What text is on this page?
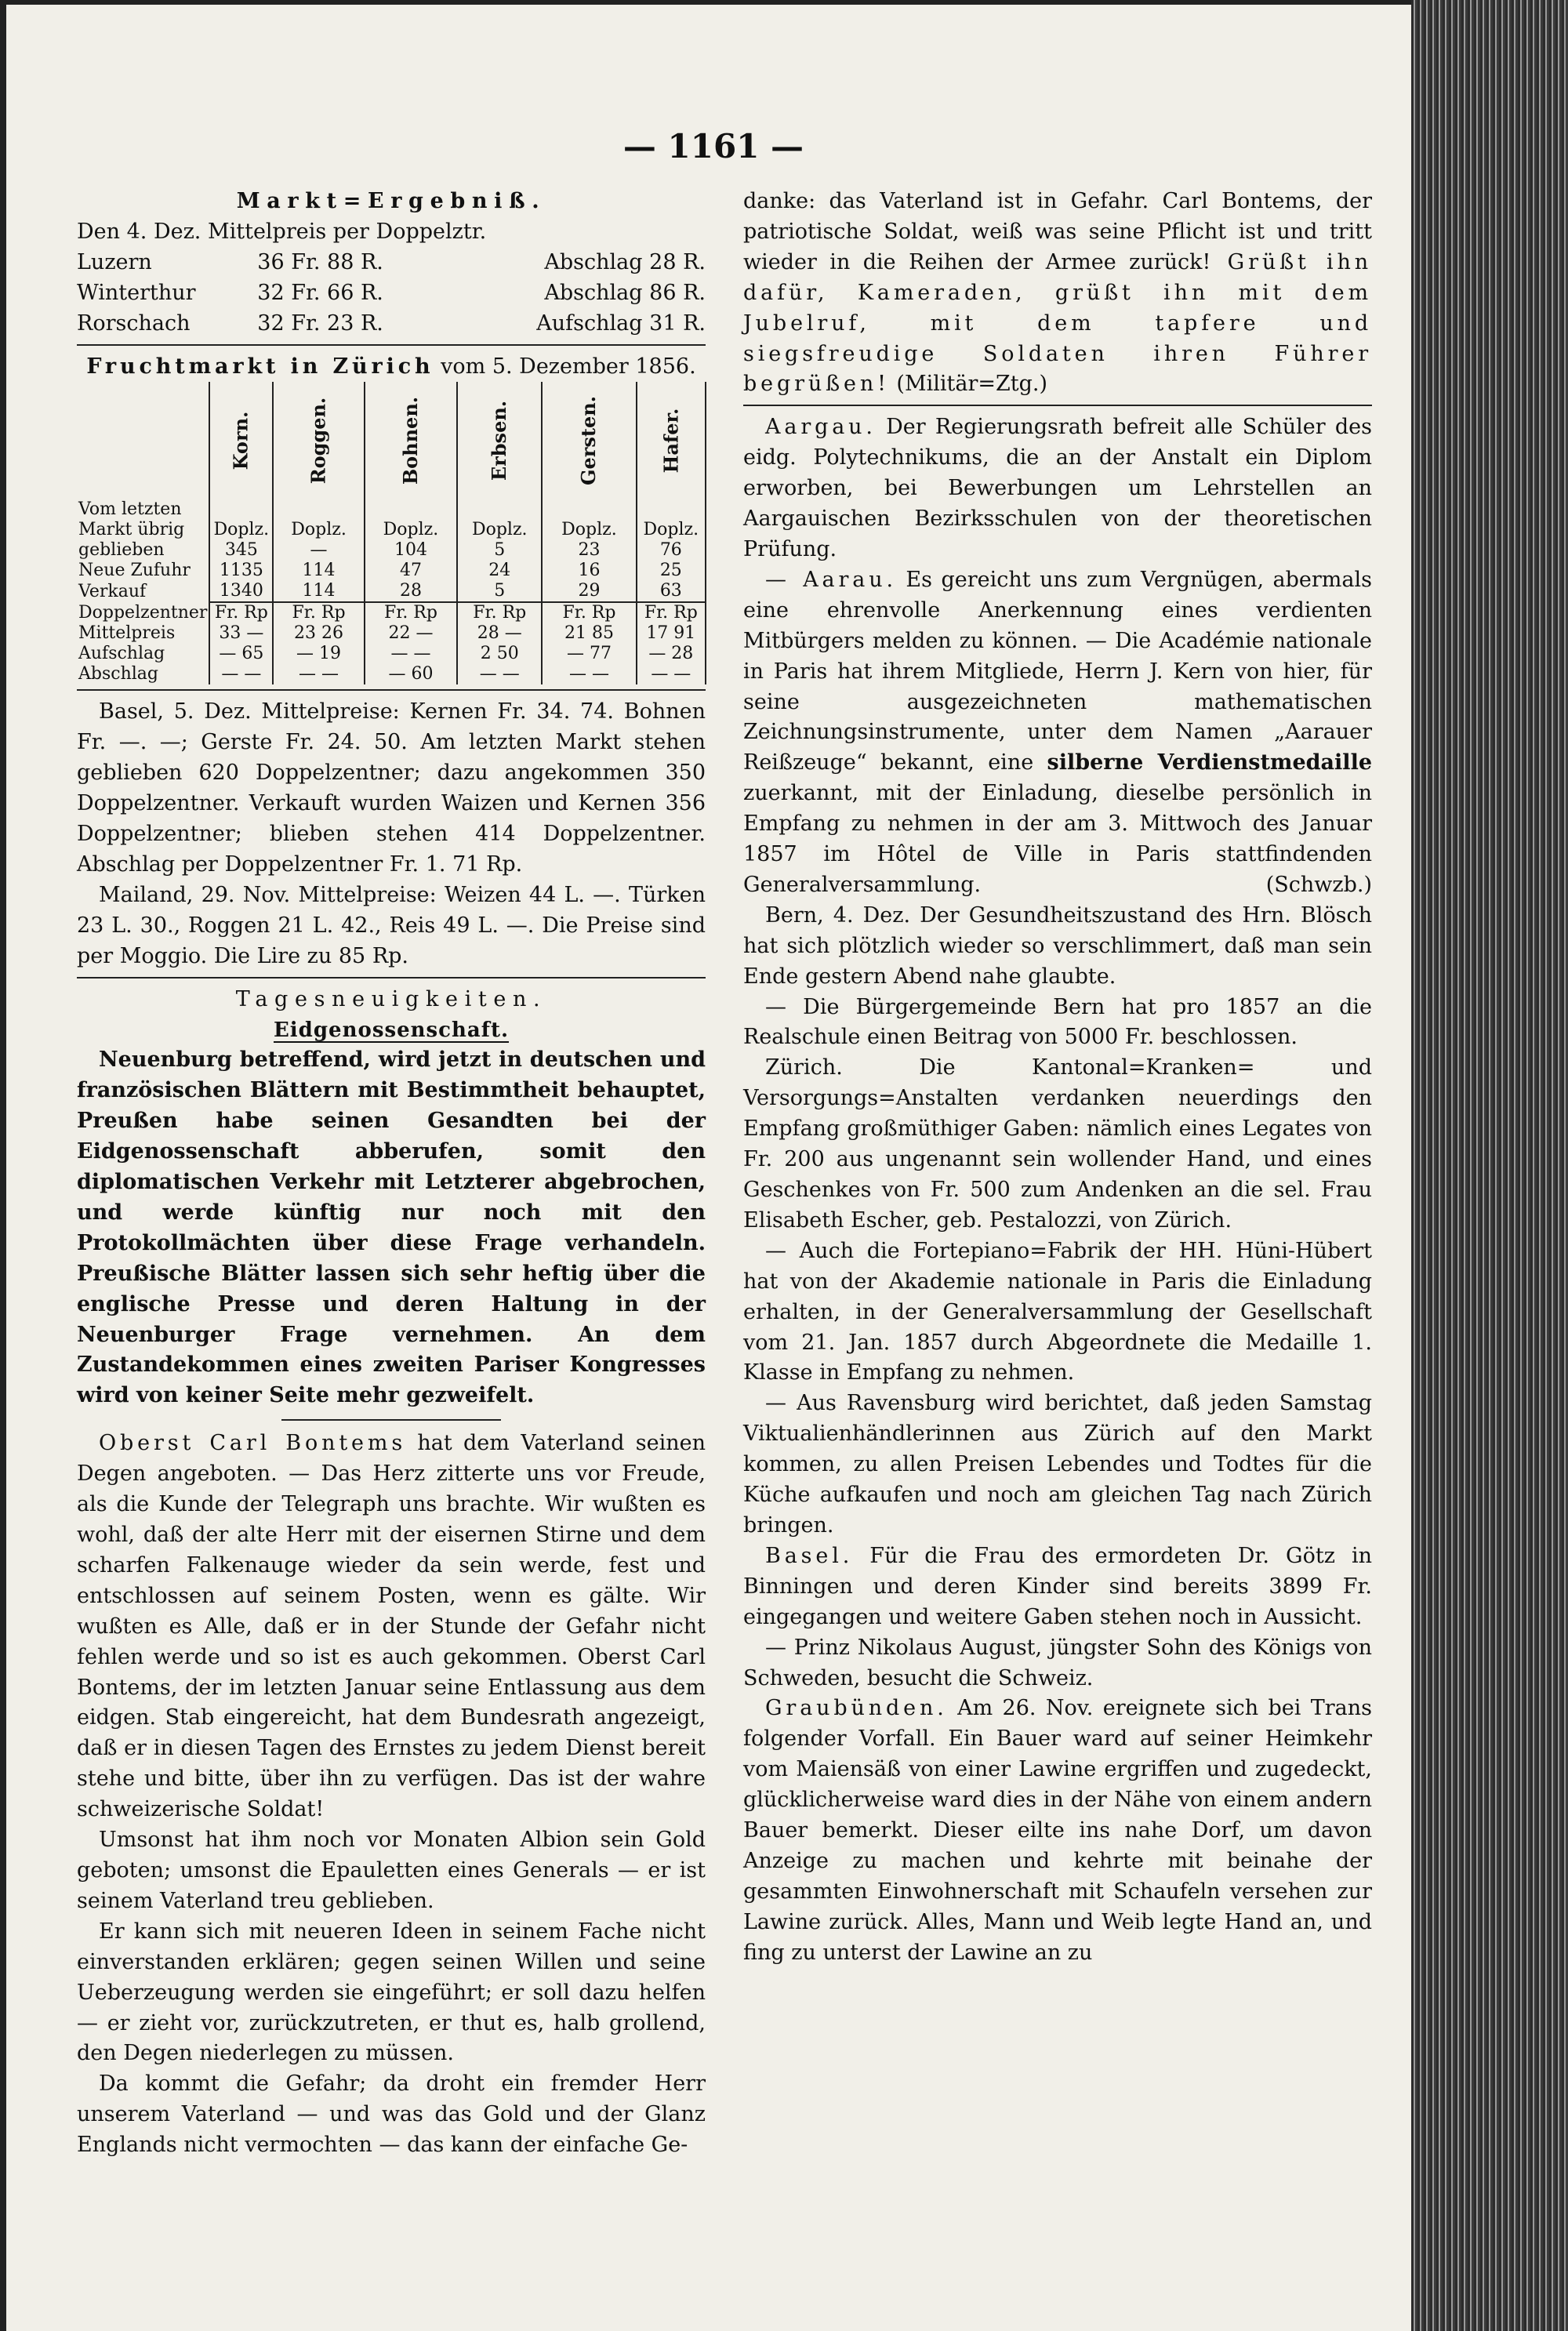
— 1161 —

Markt=Ergebniß.

Den 4. Dez. Mittelpreis per Doppelztr.

Luzern	36 Fr. 88 R.	Abschlag 28 R.
Winterthur	32 Fr. 66 R.	Abschlag 86 R.
Rorschach	32 Fr. 23 R.	Aufschlag 31 R.

Fruchtmarkt in Zürich vom 5. Dezember 1856.

	Korn.	Roggen.	Bohnen.	Erbsen.	Gersten.	Hafer.
Vom letzten						
Markt übrig	Doplz.	Doplz.	Doplz.	Doplz.	Doplz.	Doplz.
geblieben	345	—	104	5	23	76
Neue Zufuhr	1135	114	47	24	16	25
Verkauf	1340	114	28	5	29	63
Doppelzentner	Fr. Rp	Fr. Rp	Fr. Rp	Fr. Rp	Fr. Rp	Fr. Rp
Mittelpreis	33 —	23 26	22 —	28 —	21 85	17 91
Aufschlag	— 65	— 19	— —	2 50	— 77	— 28
Abschlag	— —	— —	— 60	— —	— —	— —

Basel, 5. Dez. Mittelpreise: Kernen Fr. 34. 74. Bohnen Fr. —. —; Gerste Fr. 24. 50. Am letzten Markt stehen geblieben 620 Doppelzentner; dazu angekommen 350 Doppelzentner. Verkauft wurden Waizen und Kernen 356 Doppelzentner; blieben stehen 414 Doppelzentner. Abschlag per Doppelzentner Fr. 1. 71 Rp.

Mailand, 29. Nov. Mittelpreise: Weizen 44 L. —. Türken 23 L. 30., Roggen 21 L. 42., Reis 49 L. —. Die Preise sind per Moggio. Die Lire zu 85 Rp.

Tagesneuigkeiten.

Eidgenossenschaft.

Neuenburg betreffend, wird jetzt in deutschen und französischen Blättern mit Bestimmtheit behauptet, Preußen habe seinen Gesandten bei der Eidgenossenschaft abberufen, somit den diplomatischen Verkehr mit Letzterer abgebrochen, und werde künftig nur noch mit den Protokollmächten über diese Frage verhandeln. Preußische Blätter lassen sich sehr heftig über die englische Presse und deren Haltung in der Neuenburger Frage vernehmen. An dem Zustandekommen eines zweiten Pariser Kongresses wird von keiner Seite mehr gezweifelt.

Oberst Carl Bontems hat dem Vaterland seinen Degen angeboten. — Das Herz zitterte uns vor Freude, als die Kunde der Telegraph uns brachte. Wir wußten es wohl, daß der alte Herr mit der eisernen Stirne und dem scharfen Falkenauge wieder da sein werde, fest und entschlossen auf seinem Posten, wenn es gälte. Wir wußten es Alle, daß er in der Stunde der Gefahr nicht fehlen werde und so ist es auch gekommen. Oberst Carl Bontems, der im letzten Januar seine Entlassung aus dem eidgen. Stab eingereicht, hat dem Bundesrath angezeigt, daß er in diesen Tagen des Ernstes zu jedem Dienst bereit stehe und bitte, über ihn zu verfügen. Das ist der wahre schweizerische Soldat!

Umsonst hat ihm noch vor Monaten Albion sein Gold geboten; umsonst die Epauletten eines Generals — er ist seinem Vaterland treu geblieben.

Er kann sich mit neueren Ideen in seinem Fache nicht einverstanden erklären; gegen seinen Willen und seine Ueberzeugung werden sie eingeführt; er soll dazu helfen — er zieht vor, zurückzutreten, er thut es, halb grollend, den Degen niederlegen zu müssen.

Da kommt die Gefahr; da droht ein fremder Herr unserem Vaterland — und was das Gold und der Glanz Englands nicht vermochten — das kann der einfache Ge-

danke: das Vaterland ist in Gefahr. Carl Bontems, der patriotische Soldat, weiß was seine Pflicht ist und tritt wieder in die Reihen der Armee zurück! Grüßt ihn dafür, Kameraden, grüßt ihn mit dem Jubelruf, mit dem tapfere und siegsfreudige Soldaten ihren Führer begrüßen! (Militär=Ztg.)

Aargau. Der Regierungsrath befreit alle Schüler des eidg. Polytechnikums, die an der Anstalt ein Diplom erworben, bei Bewerbungen um Lehrstellen an Aargauischen Bezirksschulen von der theoretischen Prüfung.

— Aarau. Es gereicht uns zum Vergnügen, abermals eine ehrenvolle Anerkennung eines verdienten Mitbürgers melden zu können. — Die Académie nationale in Paris hat ihrem Mitgliede, Herrn J. Kern von hier, für seine ausgezeichneten mathematischen Zeichnungsinstrumente, unter dem Namen „Aarauer Reißzeuge“ bekannt, eine silberne Verdienstmedaille zuerkannt, mit der Einladung, dieselbe persönlich in Empfang zu nehmen in der am 3. Mittwoch des Januar 1857 im Hôtel de Ville in Paris stattfindenden Generalversammlung.	(Schwzb.)

Bern, 4. Dez. Der Gesundheitszustand des Hrn. Blösch hat sich plötzlich wieder so verschlimmert, daß man sein Ende gestern Abend nahe glaubte.

— Die Bürgergemeinde Bern hat pro 1857 an die Realschule einen Beitrag von 5000 Fr. beschlossen.

Zürich. Die Kantonal=Kranken= und Versorgungs=Anstalten verdanken neuerdings den Empfang großmüthiger Gaben: nämlich eines Legates von Fr. 200 aus ungenannt sein wollender Hand, und eines Geschenkes von Fr. 500 zum Andenken an die sel. Frau Elisabeth Escher, geb. Pestalozzi, von Zürich.

— Auch die Fortepiano=Fabrik der HH. Hüni-Hübert hat von der Akademie nationale in Paris die Einladung erhalten, in der Generalversammlung der Gesellschaft vom 21. Jan. 1857 durch Abgeordnete die Medaille 1. Klasse in Empfang zu nehmen.

— Aus Ravensburg wird berichtet, daß jeden Samstag Viktualienhändlerinnen aus Zürich auf den Markt kommen, zu allen Preisen Lebendes und Todtes für die Küche aufkaufen und noch am gleichen Tag nach Zürich bringen.

Basel. Für die Frau des ermordeten Dr. Götz in Binningen und deren Kinder sind bereits 3899 Fr. eingegangen und weitere Gaben stehen noch in Aussicht.

— Prinz Nikolaus August, jüngster Sohn des Königs von Schweden, besucht die Schweiz.

Graubünden. Am 26. Nov. ereignete sich bei Trans folgender Vorfall. Ein Bauer ward auf seiner Heimkehr vom Maiensäß von einer Lawine ergriffen und zugedeckt, glücklicherweise ward dies in der Nähe von einem andern Bauer bemerkt. Dieser eilte ins nahe Dorf, um davon Anzeige zu machen und kehrte mit beinahe der gesammten Einwohnerschaft mit Schaufeln versehen zur Lawine zurück. Alles, Mann und Weib legte Hand an, und fing zu unterst der Lawine an zu
